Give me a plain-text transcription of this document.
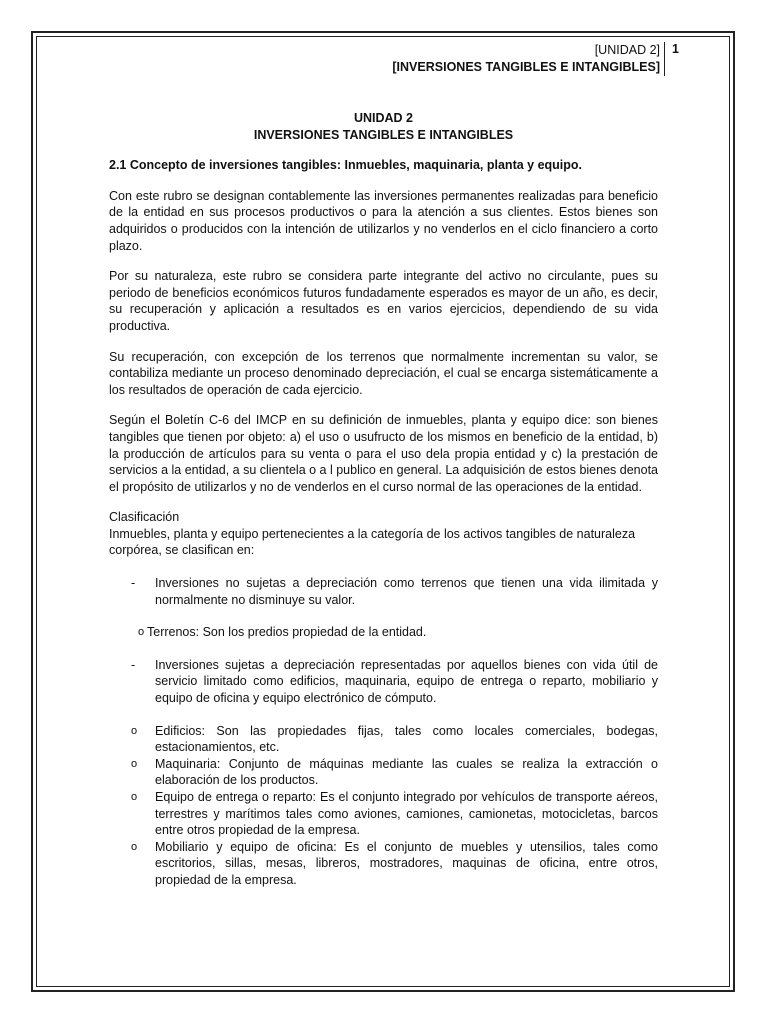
[UNIDAD 2]
[INVERSIONES TANGIBLES E INTANGIBLES]
1

UNIDAD 2

INVERSIONES TANGIBLES E INTANGIBLES

2.1 Concepto de inversiones tangibles: Inmuebles, maquinaria, planta y equipo.

Con este rubro se designan contablemente las inversiones permanentes realizadas para beneficio de la entidad en sus procesos productivos o para la atención a sus clientes. Estos bienes son adquiridos o producidos con la intención de utilizarlos y no venderlos en el ciclo financiero a corto plazo.

Por su naturaleza, este rubro se considera parte integrante del activo no circulante, pues su periodo de beneficios económicos futuros fundadamente esperados es mayor de un año, es decir, su recuperación y aplicación a resultados es en varios ejercicios, dependiendo de su vida productiva.

Su recuperación, con excepción de los terrenos que normalmente incrementan su valor, se contabiliza mediante un proceso denominado depreciación, el cual se encarga sistemáticamente a los resultados de operación de cada ejercicio.

Según el Boletín C-6 del IMCP en su definición de inmuebles, planta y equipo dice: son bienes tangibles que tienen por objeto: a) el uso o usufructo de los mismos en beneficio de la entidad, b) la producción de artículos para su venta o para el uso dela propia entidad y c) la prestación de servicios a la entidad, a su clientela o a l publico en general. La adquisición de estos bienes denota el propósito de utilizarlos y no de venderlos en el curso normal de las operaciones de la entidad.

Clasificación

Inmuebles, planta y equipo pertenecientes a la categoría de los activos tangibles de naturaleza corpórea, se clasifican en:

- Inversiones no sujetas a depreciación como terrenos que tienen una vida ilimitada y normalmente no disminuye su valor.
o Terrenos: Son los predios propiedad de la entidad.
- Inversiones sujetas a depreciación representadas por aquellos bienes con vida útil de servicio limitado como edificios, maquinaria, equipo de entrega o reparto, mobiliario y equipo de oficina y equipo electrónico de cómputo.
o Edificios: Son las propiedades fijas, tales como locales comerciales, bodegas, estacionamientos, etc.
o Maquinaria: Conjunto de máquinas mediante las cuales se realiza la extracción o elaboración de los productos.
o Equipo de entrega o reparto: Es el conjunto integrado por vehículos de transporte aéreos, terrestres y marítimos tales como aviones, camiones, camionetas, motocicletas, barcos entre otros propiedad de la empresa.
o Mobiliario y equipo de oficina: Es el conjunto de muebles y utensilios, tales como escritorios, sillas, mesas, libreros, mostradores, maquinas de oficina, entre otros, propiedad de la empresa.
